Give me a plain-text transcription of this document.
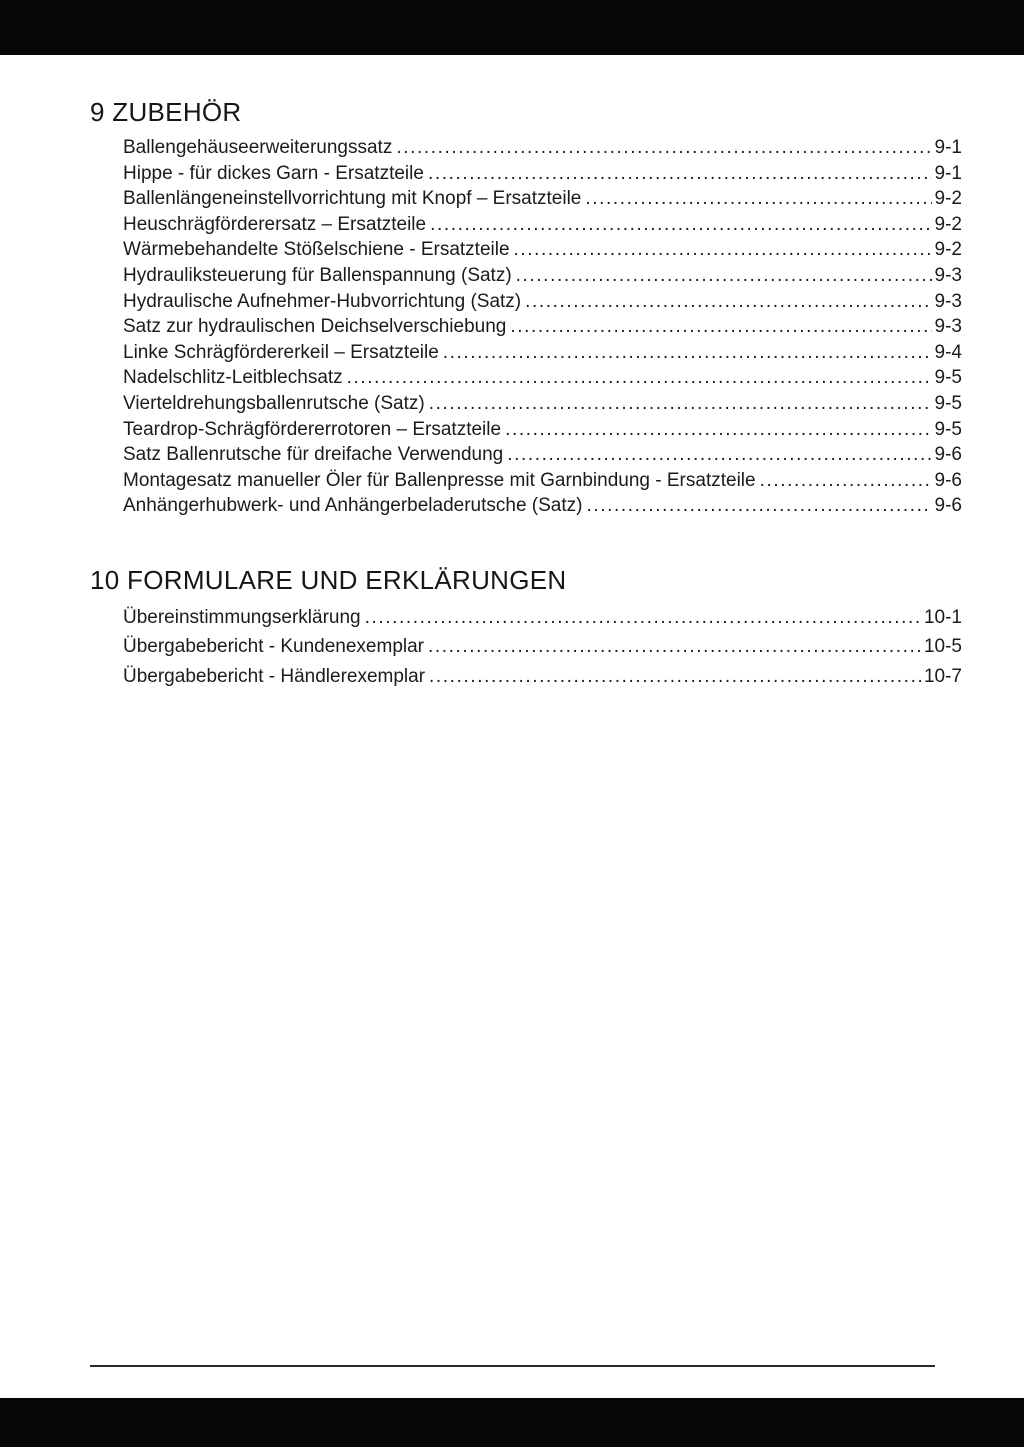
9 ZUBEHÖR
Ballengehäuseerweiterungssatz .....	9-1
Hippe - für dickes Garn - Ersatzteile .....	9-1
Ballenlängeneinstellvorrichtung mit Knopf – Ersatzteile .....	9-2
Heuschrägförderersatz – Ersatzteile .....	9-2
Wärmebehandelte Stößelschiene - Ersatzteile .....	9-2
Hydrauliksteuerung für Ballenspannung (Satz) .....	9-3
Hydraulische Aufnehmer-Hubvorrichtung (Satz) .....	9-3
Satz zur hydraulischen Deichselverschiebung .....	9-3
Linke Schrägfördererkeil – Ersatzteile .....	9-4
Nadelschlitz-Leitblechsatz .....	9-5
Vierteldrehungsballenrutsche (Satz) .....	9-5
Teardrop-Schrägfördererrotoren – Ersatzteile .....	9-5
Satz Ballenrutsche für dreifache Verwendung .....	9-6
Montagesatz manueller Öler für Ballenpresse mit Garnbindung - Ersatzteile .....	9-6
Anhängerhubwerk- und Anhängerbeladerutsche (Satz) .....	9-6
10 FORMULARE UND ERKLÄRUNGEN
Übereinstimmungserklärung .....	10-1
Übergabebericht - Kundenexemplar .....	10-5
Übergabebericht - Händlerexemplar .....	10-7
